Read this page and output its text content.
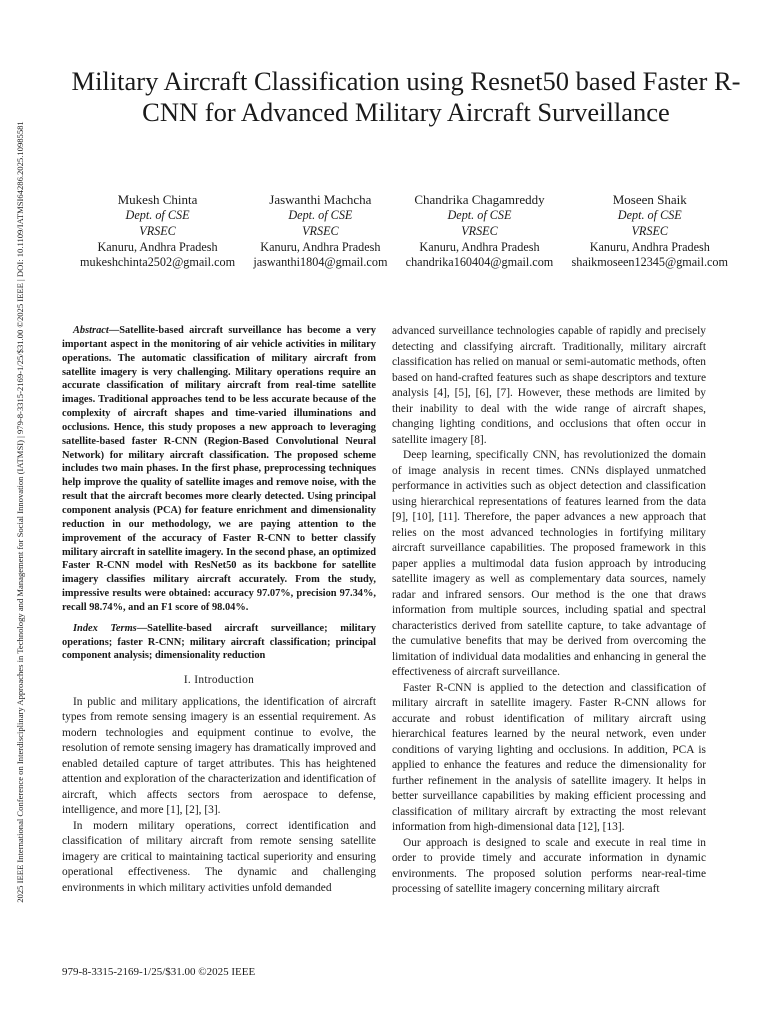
2025 IEEE International Conference on Interdisciplinary Approaches in Technology and Management for Social Innovation (IATMSI) | 979-8-3315-2169-1/25/$31.00 ©2025 IEEE | DOI: 10.1109/IATMSI64286.2025.10985581
Military Aircraft Classification using Resnet50 based Faster R-CNN for Advanced Military Aircraft Surveillance
Mukesh Chinta
Dept. of CSE
VRSEC
Kanuru, Andhra Pradesh
mukeshchinta2502@gmail.com
Jaswanthi Machcha
Dept. of CSE
VRSEC
Kanuru, Andhra Pradesh
jaswanthi1804@gmail.com
Chandrika Chagamreddy
Dept. of CSE
VRSEC
Kanuru, Andhra Pradesh
chandrika160404@gmail.com
Moseen Shaik
Dept. of CSE
VRSEC
Kanuru, Andhra Pradesh
shaikmoseen12345@gmail.com

Abstract—Satellite-based aircraft surveillance has become a very important aspect in the monitoring of air vehicle activities in military operations. The automatic classification of military aircraft from satellite imagery is very challenging. Military operations require an accurate classification of military aircraft from real-time satellite images. Traditional approaches tend to be less accurate because of the complexity of aircraft shapes and time-varied illuminations and occlusions. Hence, this study proposes a new approach to leveraging satellite-based faster R-CNN (Region-Based Convolutional Neural Network) for military aircraft classification. The proposed scheme includes two main phases. In the first phase, preprocessing techniques help improve the quality of satellite images and remove noise, with the result that the aircraft becomes more clearly detected. Using principal component analysis (PCA) for feature enrichment and dimensionality reduction in our methodology, we are paying attention to the improvement of the accuracy of Faster R-CNN to better classify military aircraft in satellite imagery. In the second phase, an optimized Faster R-CNN model with ResNet50 as its backbone for satellite imagery classifies military aircraft accurately. From the study, impressive results were obtained: accuracy 97.07%, precision 97.34%, recall 98.74%, and an F1 score of 98.04%.

Index Terms—Satellite-based aircraft surveillance; military operations; faster R-CNN; military aircraft classification; principal component analysis; dimensionality reduction

I. Introduction

In public and military applications, the identification of aircraft types from remote sensing imagery is an essential requirement. As modern technologies and equipment continue to evolve, the resolution of remote sensing imagery has dramatically improved and enabled detailed capture of target attributes. This has heightened attention and exploration of the characterization and identification of aircraft, which affects sectors from aerospace to defense, intelligence, and more [1], [2], [3].

In modern military operations, correct identification and classification of military aircraft from remote sensing satellite imagery are critical to maintaining tactical superiority and ensuring operational effectiveness. The dynamic and challenging environments in which military activities unfold demanded

advanced surveillance technologies capable of rapidly and precisely detecting and classifying aircraft. Traditionally, military aircraft classification has relied on manual or semi-automatic methods, often based on hand-crafted features such as shape descriptors and texture analysis [4], [5], [6], [7]. However, these methods are limited by their inability to deal with the wide range of aircraft shapes, changing lighting conditions, and occlusions that often occur in satellite imagery [8].

Deep learning, specifically CNN, has revolutionized the domain of image analysis in recent times. CNNs displayed unmatched performance in activities such as object detection and classification using hierarchical representations of features learned from the data [9], [10], [11]. Therefore, the paper advances a new approach that relies on the most advanced technologies in fortifying military aircraft surveillance capabilities. The proposed framework in this paper applies a multimodal data fusion approach by introducing satellite imagery as well as complementary data sources, namely radar and infrared sensors. Our method is the one that draws information from multiple sources, including spatial and spectral characteristics derived from satellite capture, to take advantage of the cumulative benefits that may be derived from overcoming the limitation of individual data modalities and enhancing in general the effectiveness of aircraft surveillance.

Faster R-CNN is applied to the detection and classification of military aircraft in satellite imagery. Faster R-CNN allows for accurate and robust identification of military aircraft using hierarchical features learned by the neural network, even under conditions of varying lighting and occlusions. In addition, PCA is applied to enhance the features and reduce the dimensionality for further refinement in the analysis of satellite imagery. It helps in better surveillance capabilities by making efficient processing and classification of military aircraft by extracting the most relevant information from high-dimensional data [12], [13].

Our approach is designed to scale and execute in real time in order to provide timely and accurate information in dynamic environments. The proposed solution performs near-real-time processing of satellite imagery concerning military aircraft

979-8-3315-2169-1/25/$31.00 ©2025 IEEE
